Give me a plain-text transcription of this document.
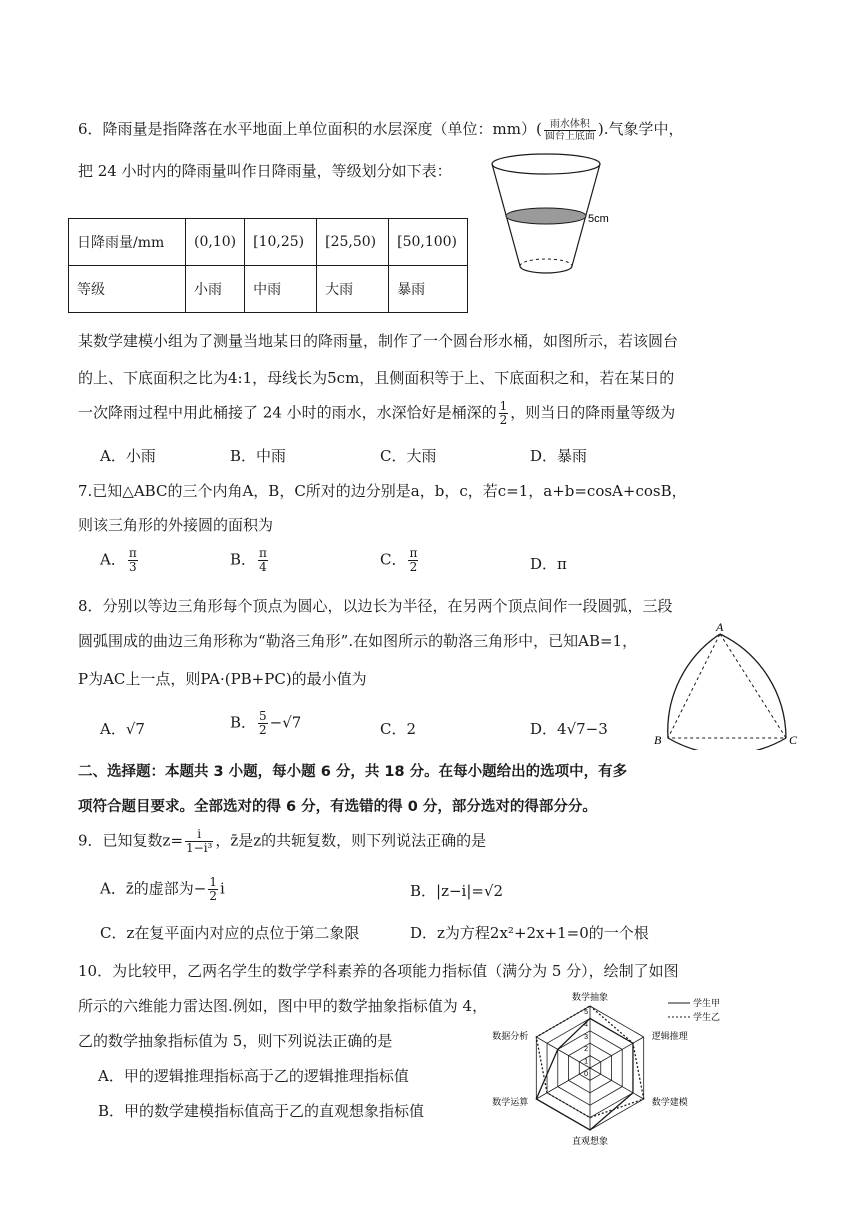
6．降雨量是指降落在水平地面上单位面积的水层深度（单位：$mm)( \frac{\text{雨水体积}}{\text{圆台上底面}}$ ).气象学中，
把 24 小时内的降雨量叫作日降雨量，等级划分如下表：
日降雨量/mm	(0,10)	[10,25)	[25,50)	[50,100)
等级	小雨	中雨	大雨	暴雨
5cm
某数学建模小组为了测量当地某日的降雨量，制作了一个圆台形水桶，如图所示，若该圆台
的上、下底面积之比为4:1，母线长为5cm，且侧面积等于上、下底面积之和，若在某日的
一次降雨过程中用此桶接了 24 小时的雨水，水深恰好是桶深的 $\frac{1}{2}$ ，则当日的降雨量等级为
A．小雨	B．中雨	C．大雨	D．暴雨
7.已知△ABC的三个内角A，B，C所对的边分别是a，b，c，若c=1，a+b=cosA+cosB，
则该三角形的外接圆的面积为
A． $\frac{\pi}{3}$	B． $\frac{\pi}{4}$	C． $\frac{\pi}{2}$	D．π
8．分别以等边三角形每个顶点为圆心，以边长为半径，在另两个顶点间作一段圆弧，三段
圆弧围成的曲边三角形称为“勒洛三角形”.在如图所示的勒洛三角形中，已知AB=1，
P为AC上一点，则PA·(PB+PC)的最小值为
A
B	C
A．√7	B． $\frac{5}{2} -√7$	C．2	D．4√7−3
二、选择题：本题共 3 小题，每小题 6 分，共 18 分。在每小题给出的选项中，有多
项符合题目要求。全部选对的得 6 分，有选错的得 0 分，部分选对的得部分分。
9．已知复数$z= \frac{i}{\text{1−i³}}$ ，z̄是z的共轭复数，则下列说法正确的是
A．z̄的虚部为− $\frac{1}{2}$ i	B．|z−i|=√2
C．z在复平面内对应的点位于第二象限	D．z为方程2x²+2x+1=0的一个根
10．为比较甲，乙两名学生的数学学科素养的各项能力指标值（满分为 5 分），绘制了如图
所示的六维能力雷达图.例如，图中甲的数学抽象指标值为 4，
乙的数学抽象指标值为 5，则下列说法正确的是
A．甲的逻辑推理指标高于乙的逻辑推理指标值
B．甲的数学建模指标值高于乙的直观想象指标值
数学抽象
逻辑推理
数学建模
直观想象
数学运算
数据分析
5
4
3
2
1
0
学生甲
学生乙
